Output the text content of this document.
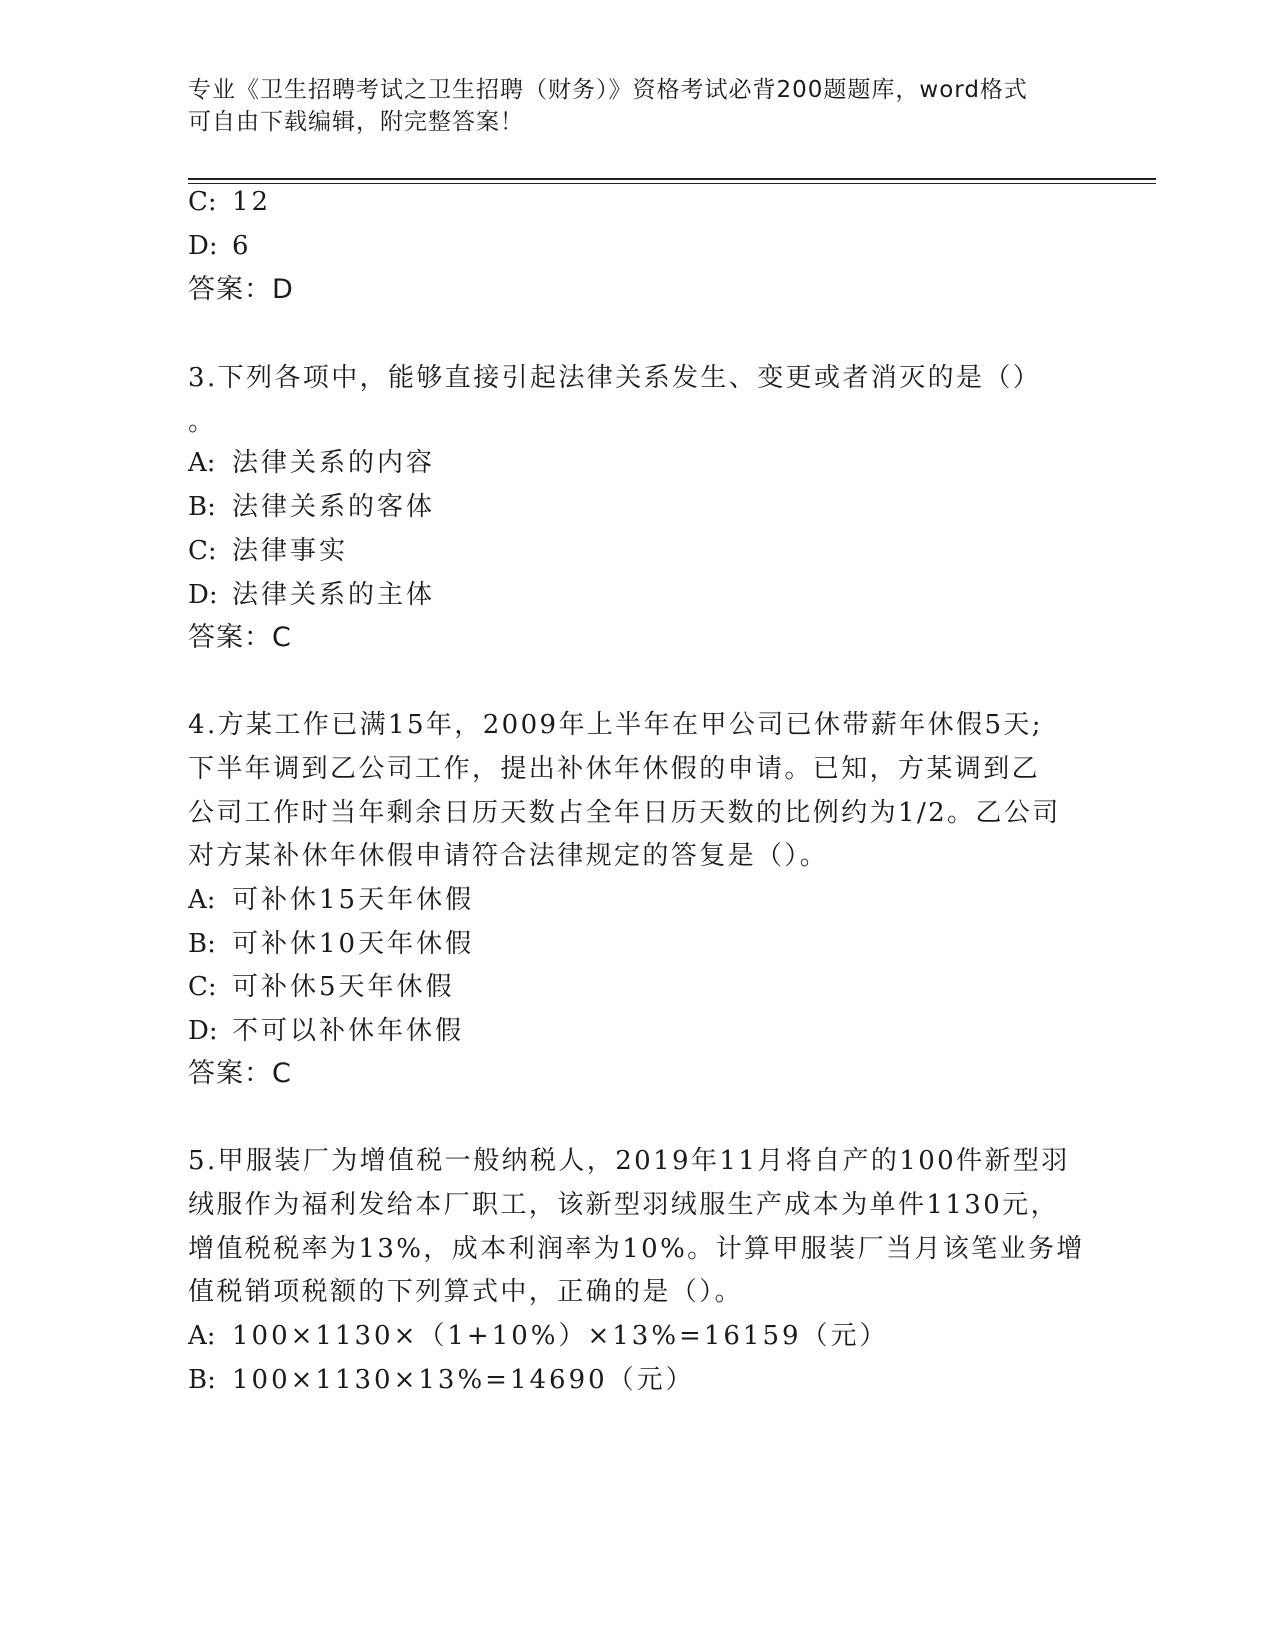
专业《卫生招聘考试之卫生招聘（财务）》资格考试必背200题题库，word格式
可自由下载编辑，附完整答案！
C: 12
D: 6
答案：D
3.下列各项中，能够直接引起法律关系发生、变更或者消灭的是（）
。
A: 法律关系的内容
B: 法律关系的客体
C: 法律事实
D: 法律关系的主体
答案：C
4.方某工作已满15年，2009年上半年在甲公司已休带薪年休假5天;
下半年调到乙公司工作，提出补休年休假的申请。已知，方某调到乙
公司工作时当年剩余日历天数占全年日历天数的比例约为1/2。乙公司
对方某补休年休假申请符合法律规定的答复是（）。
A: 可补休15天年休假
B: 可补休10天年休假
C: 可补休5天年休假
D: 不可以补休年休假
答案：C
5.甲服装厂为增值税一般纳税人，2019年11月将自产的100件新型羽
绒服作为福利发给本厂职工，该新型羽绒服生产成本为单件1130元，
增值税税率为13%，成本利润率为10%。计算甲服装厂当月该笔业务增
值税销项税额的下列算式中，正确的是（）。
A: 100×1130×（1+10%）×13%=16159（元）
B: 100×1130×13%=14690（元）
